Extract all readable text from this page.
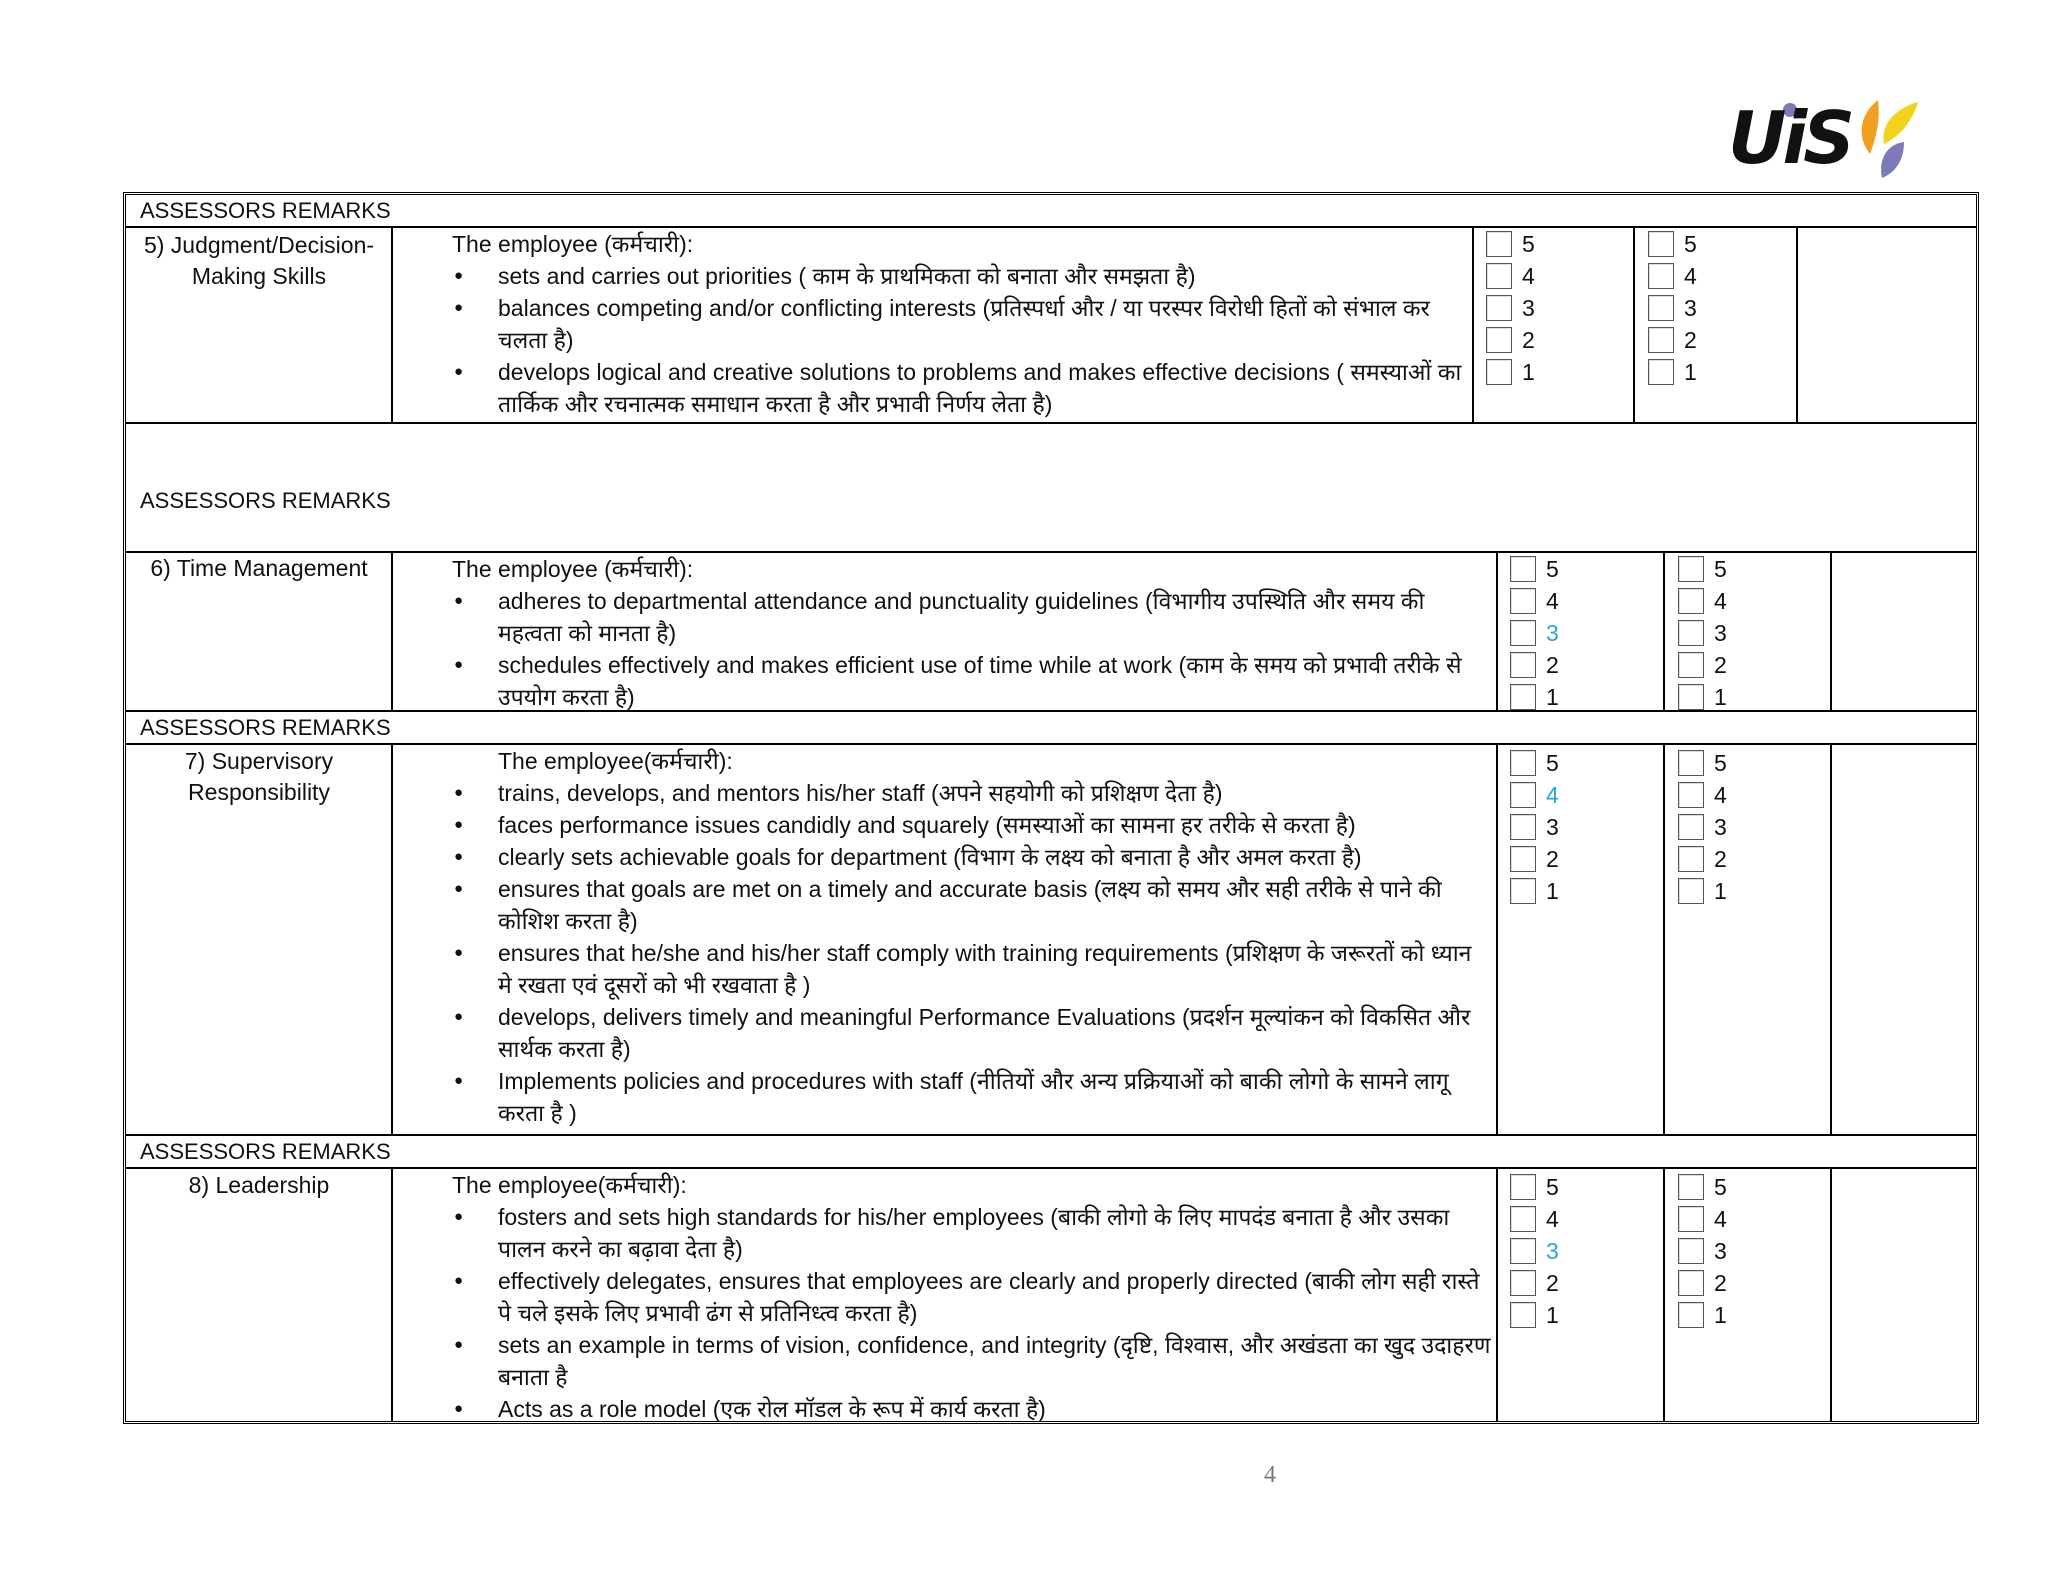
UiS
ASSESSORS REMARKS
ASSESSORS REMARKS
ASSESSORS REMARKS
ASSESSORS REMARKS
5) Judgment/Decision-Making Skills
The employee (कर्मचारी):
● sets and carries out priorities ( काम के प्राथमिकता को बनाता और समझता है)
● balances competing and/or conflicting interests (प्रतिस्पर्धा और / या परस्पर विरोधी हितों को संभाल कर चलता है)
● develops logical and creative solutions to problems and makes effective decisions ( समस्याओं का तार्किक और रचनात्मक समाधान करता है और प्रभावी निर्णय लेता है)
5
4
3
2
1
5
4
3
2
1
6) Time Management	The employee (कर्मचारी):
● adheres to departmental attendance and punctuality guidelines (विभागीय उपस्थिति और समय की महत्वता को मानता है)
● schedules effectively and makes efficient use of time while at work (काम के समय को प्रभावी तरीके से उपयोग करता है)
5
4
3
2
1
5
4
3
2
1
7) Supervisory Responsibility
The employee(कर्मचारी):
● trains, develops, and mentors his/her staff (अपने सहयोगी को प्रशिक्षण देता है)
● faces performance issues candidly and squarely (समस्याओं का सामना हर तरीके से करता है)
● clearly sets achievable goals for department (विभाग के लक्ष्य को बनाता है और अमल करता है)
● ensures that goals are met on a timely and accurate basis (लक्ष्य को समय और सही तरीके से पाने की कोशिश करता है)
● ensures that he/she and his/her staff comply with training requirements (प्रशिक्षण के जरूरतों को ध्यान मे रखता एवं दूसरों को भी रखवाता है )
● develops, delivers timely and meaningful Performance Evaluations (प्रदर्शन मूल्यांकन को विकसित और सार्थक करता है)
● Implements policies and procedures with staff (नीतियों और अन्य प्रक्रियाओं को बाकी लोगो के सामने लागू करता है )
5
4
3
2
1
5
4
3
2
1
8) Leadership	The employee(कर्मचारी):
● fosters and sets high standards for his/her employees (बाकी लोगो के लिए मापदंड बनाता है और उसका पालन करने का बढ़ावा देता है)
● effectively delegates, ensures that employees are clearly and properly directed (बाकी लोग सही रास्ते पे चले इसके लिए प्रभावी ढंग से प्रतिनिध्त्व करता है)
● sets an example in terms of vision, confidence, and integrity (दृष्टि, विश्वास, और अखंडता का खुद उदाहरण बनाता है
● Acts as a role model (एक रोल मॉडल के रूप में कार्य करता है)
5
4
3
2
1
5
4
3
2
1
4
